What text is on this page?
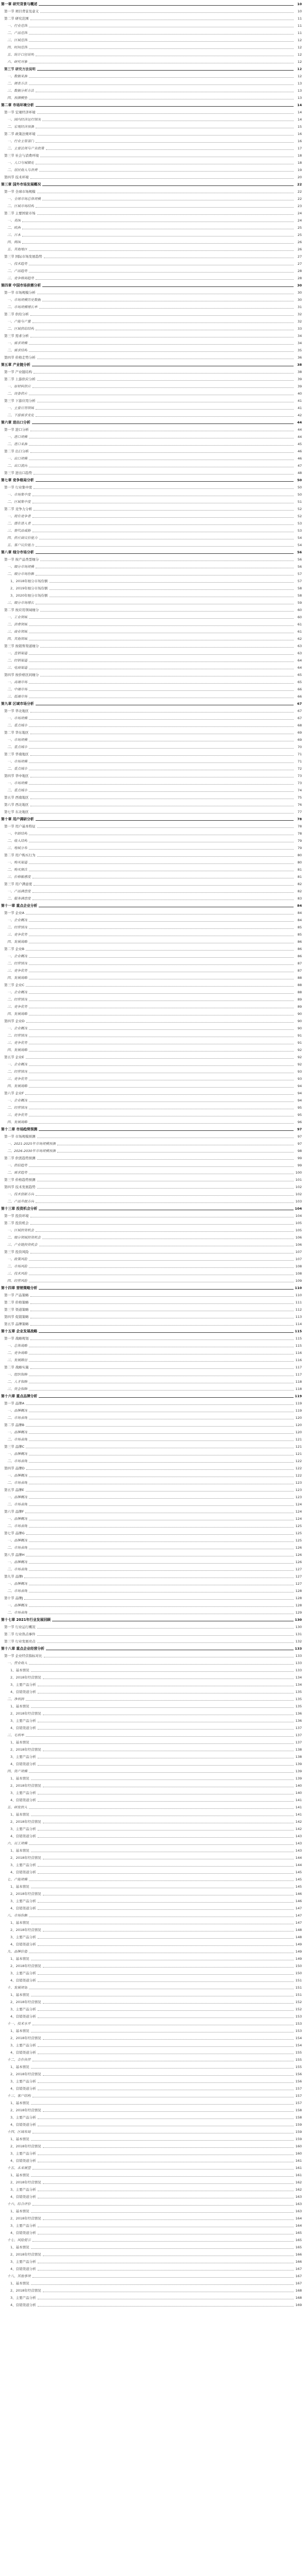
第一章 研究背景与概述	10
第一节 项目背景及意义	10
第二节 研究范围	11
一、行业范围	11
二、产品范围	11
三、区域范围	12
四、时间范围	12
五、统计口径说明	12
六、研究对象	12
第三节 研究方法说明	12
一、数据来源	12
二、调查方法	13
三、数据分析方法	13
四、预测模型	13
第二章 市场环境分析	14
第一节 宏观经济环境	14
一、国内经济运行情况	14
二、宏观经济预测	15
第二节 政策法规环境	16
一、行业主管部门	16
二、主要法规与产业政策	17
第三节 社会与消费环境	18
一、人口与城镇化	18
二、居民收入与消费	19
第四节 技术环境	20
第三章 国外市场发展概况	22
第一节 全球市场规模	22
一、全球市场总体规模	22
二、区域市场结构	23
第二节 主要国家市场	24
一、美国	24
二、欧洲	25
三、日本	25
四、韩国	26
五、其他地区	26
第三节 国际市场发展趋势	27
一、技术趋势	27
二、产品趋势	28
三、竞争格局趋势	28
第四章 中国市场供需分析	30
第一节 市场规模分析	30
一、市场规模历史数据	30
二、市场规模增长率	31
第二节 供给分析	32
一、产能与产量	32
二、区域供给结构	33
第三节 需求分析	34
一、需求规模	34
二、需求结构	35
第四节 价格走势分析	36
第五章 产业链分析	38
第一节 产业链结构	38
第二节 上游供应分析	39
一、原材料供应	39
二、设备供应	40
第三节 下游应用分析	41
一、主要应用领域	41
二、下游需求变化	42
第六章 进出口分析	44
第一节 进口分析	44
一、进口规模	44
二、进口来源	45
第二节 出口分析	46
一、出口规模	46
二、出口流向	47
第三节 进出口趋势	48
第七章 竞争格局分析	50
第一节 行业集中度	50
一、市场集中度	50
二、区域集中度	51
第二节 竞争力分析	52
一、现有竞争者	52
二、潜在进入者	53
三、替代品威胁	53
四、供应商议价能力	54
五、客户议价能力	54
第八章 细分市场分析	56
第一节 按产品类型细分	56
一、细分市场规模	56
二、细分市场份额	57
1、2018年细分市场份额	57
2、2019年细分市场份额	58
3、2020年细分市场份额	58
三、细分市场增长	59
第二节 按应用领域细分	60
一、工业领域	60
二、消费领域	61
三、商业领域	61
四、其他领域	62
第三节 按销售渠道细分	63
一、直销渠道	63
二、经销渠道	64
三、电商渠道	64
第四节 按价格区间细分	65
一、高端市场	65
二、中端市场	66
三、低端市场	66
第九章 区域市场分析	67
第一节 华北地区	67
一、市场规模	67
二、重点城市	68
第二节 华东地区	69
一、市场规模	69
二、重点城市	70
第三节 华南地区	71
一、市场规模	71
二、重点城市	72
第四节 华中地区	73
一、市场规模	73
二、重点城市	74
第五节 西南地区	75
第六节 西北地区	76
第七节 东北地区	77
第十章 用户调研分析	78
第一节 用户基本特征	78
一、年龄结构	78
二、收入结构	79
三、地域分布	79
第二节 用户购买行为	80
一、购买渠道	80
二、购买频次	81
三、价格敏感度	81
第三节 用户满意度	82
一、产品满意度	82
二、服务满意度	83
第十一章 重点企业分析	84
第一节 企业A	84
一、企业概况	84
二、经营情况	85
三、竞争优势	85
四、发展战略	86
第二节 企业B	86
一、企业概况	86
二、经营情况	87
三、竞争优势	87
四、发展战略	88
第三节 企业C	88
一、企业概况	88
二、经营情况	89
三、竞争优势	89
四、发展战略	90
第四节 企业D	90
一、企业概况	90
二、经营情况	91
三、竞争优势	91
四、发展战略	92
第五节 企业E	92
一、企业概况	92
二、经营情况	93
三、竞争优势	93
四、发展战略	94
第六节 企业F	94
一、企业概况	94
二、经营情况	95
三、竞争优势	95
四、发展战略	96
第十二章 市场趋势预测	97
第一节 市场规模预测	97
一、2021-2025年市场规模预测	97
二、2026-2030年市场规模预测	98
第二节 供需趋势预测	99
一、供给趋势	99
二、需求趋势	100
第三节 价格趋势预测	101
第四节 技术发展趋势	102
一、技术创新方向	102
二、产品升级方向	103
第十三章 投资机会分析	104
第一节 投资环境	104
第二节 投资机会	105
一、区域投资机会	105
二、细分领域投资机会	106
三、产业链投资机会	106
第三节 投资风险	107
一、政策风险	107
二、市场风险	108
三、技术风险	108
四、经营风险	109
第十四章 营销策略分析	110
第一节 产品策略	110
第二节 价格策略	111
第三节 渠道策略	112
第四节 促销策略	113
第五节 品牌策略	114
第十五章 企业发展战略	115
第一节 战略规划	115
一、总体战略	115
二、竞争战略	116
三、发展路径	116
第二节 战略实施	117
一、组织保障	117
二、人才保障	118
三、资金保障	118
第十六章 重点品牌分析	119
第一节 品牌A	119
一、品牌概况	119
二、市场表现	120
第二节 品牌B	120
一、品牌概况	120
二、市场表现	121
第三节 品牌C	121
一、品牌概况	121
二、市场表现	122
第四节 品牌D	122
一、品牌概况	122
二、市场表现	123
第五节 品牌E	123
一、品牌概况	123
二、市场表现	124
第六节 品牌F	124
一、品牌概况	124
二、市场表现	125
第七节 品牌G	125
一、品牌概况	125
二、市场表现	126
第八节 品牌H	126
一、品牌概况	126
二、市场表现	127
第九节 品牌I	127
一、品牌概况	127
二、市场表现	128
第十节 品牌J	128
一、品牌概况	128
二、市场表现	129
第十七章 2021年行业发展回顾	130
第一节 行业运行概况	130
第二节 行业热点事件	131
第三节 行业发展亮点	132
第十八章 重点企业经营分析	133
第一节 企业经营指标对比	133
一、营业收入	133
1、基本情况	133
2、2018年经营情况	134
3、主要产品分析	134
4、营销渠道分析	135
二、净利润	135
1、基本情况	135
2、2018年经营情况	136
3、主要产品分析	136
4、营销渠道分析	137
三、毛利率	137
1、基本情况	137
2、2018年经营情况	138
3、主要产品分析	138
4、营销渠道分析	139
四、资产规模	139
1、基本情况	139
2、2018年经营情况	140
3、主要产品分析	140
4、营销渠道分析	141
五、研发投入	141
1、基本情况	141
2、2018年经营情况	142
3、主要产品分析	142
4、营销渠道分析	143
六、员工规模	143
1、基本情况	143
2、2018年经营情况	144
3、主要产品分析	144
4、营销渠道分析	145
七、产能规模	145
1、基本情况	145
2、2018年经营情况	146
3、主要产品分析	146
4、营销渠道分析	147
八、市场份额	147
1、基本情况	147
2、2018年经营情况	148
3、主要产品分析	148
4、营销渠道分析	149
九、品牌价值	149
1、基本情况	149
2、2018年经营情况	150
3、主要产品分析	150
4、营销渠道分析	151
十、发展规划	151
1、基本情况	151
2、2018年经营情况	152
3、主要产品分析	152
4、营销渠道分析	153
十一、技术水平	153
1、基本情况	153
2、2018年经营情况	154
3、主要产品分析	154
4、营销渠道分析	155
十二、合作伙伴	155
1、基本情况	155
2、2018年经营情况	156
3、主要产品分析	156
4、营销渠道分析	157
十三、客户结构	157
1、基本情况	157
2、2018年经营情况	158
3、主要产品分析	158
4、营销渠道分析	159
十四、区域布局	159
1、基本情况	159
2、2018年经营情况	160
3、主要产品分析	160
4、营销渠道分析	161
十五、未来展望	161
1、基本情况	161
2、2018年经营情况	162
3、主要产品分析	162
4、营销渠道分析	163
十六、综合评价	163
1、基本情况	163
2、2018年经营情况	164
3、主要产品分析	164
4、营销渠道分析	165
十七、风险提示	165
1、基本情况	165
2、2018年经营情况	166
3、主要产品分析	166
4、营销渠道分析	167
十八、其他事项	167
1、基本情况	167
2、2018年经营情况	168
3、主要产品分析	168
4、营销渠道分析	169
